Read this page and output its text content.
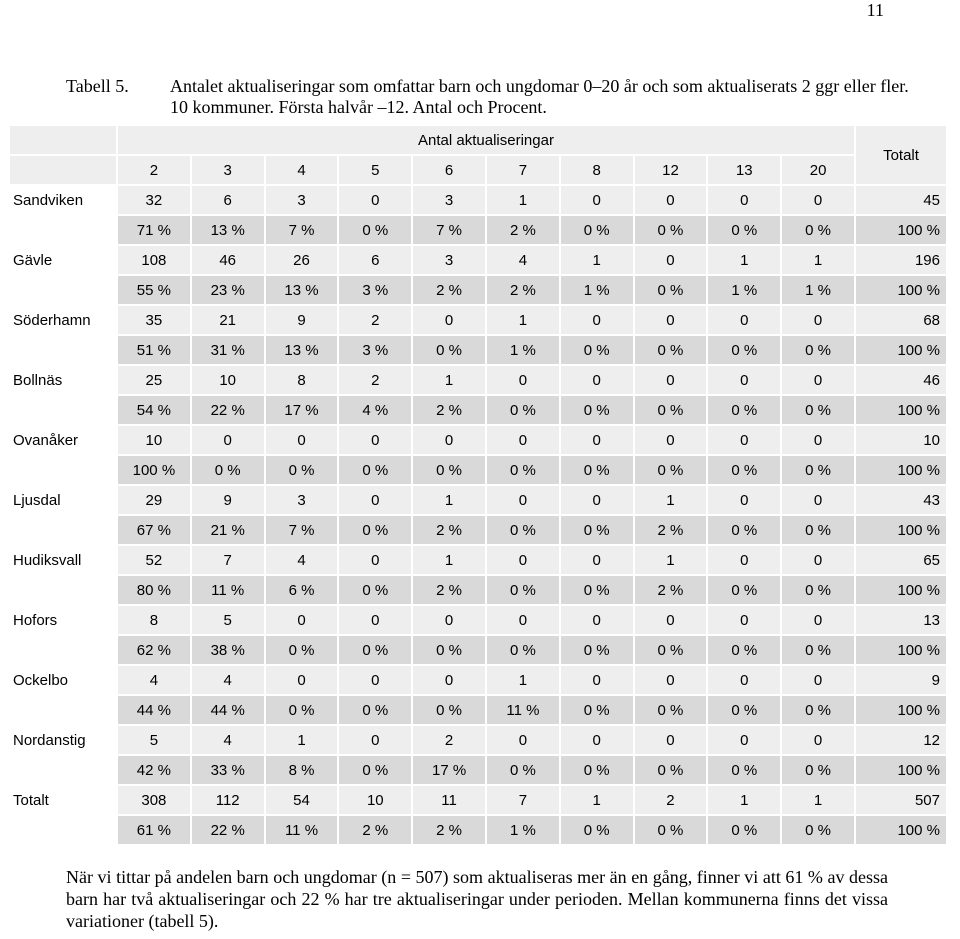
11
Tabell 5. Antalet aktualiseringar som omfattar barn och ungdomar 0–20 år och som aktualiserats 2 ggr eller fler. 10 kommuner. Första halvår –12. Antal och Procent.
	Antal aktualiseringar										Totalt
	2	3	4	5	6	7	8	12	13	20	
Sandviken	32	6	3	0	3	1	0	0	0	0	45
	71 %	13 %	7 %	0 %	7 %	2 %	0 %	0 %	0 %	0 %	100 %
Gävle	108	46	26	6	3	4	1	0	1	1	196
	55 %	23 %	13 %	3 %	2 %	2 %	1 %	0 %	1 %	1 %	100 %
Söderhamn	35	21	9	2	0	1	0	0	0	0	68
	51 %	31 %	13 %	3 %	0 %	1 %	0 %	0 %	0 %	0 %	100 %
Bollnäs	25	10	8	2	1	0	0	0	0	0	46
	54 %	22 %	17 %	4 %	2 %	0 %	0 %	0 %	0 %	0 %	100 %
Ovanåker	10	0	0	0	0	0	0	0	0	0	10
	100 %	0 %	0 %	0 %	0 %	0 %	0 %	0 %	0 %	0 %	100 %
Ljusdal	29	9	3	0	1	0	0	1	0	0	43
	67 %	21 %	7 %	0 %	2 %	0 %	0 %	2 %	0 %	0 %	100 %
Hudiksvall	52	7	4	0	1	0	0	1	0	0	65
	80 %	11 %	6 %	0 %	2 %	0 %	0 %	2 %	0 %	0 %	100 %
Hofors	8	5	0	0	0	0	0	0	0	0	13
	62 %	38 %	0 %	0 %	0 %	0 %	0 %	0 %	0 %	0 %	100 %
Ockelbo	4	4	0	0	0	1	0	0	0	0	9
	44 %	44 %	0 %	0 %	0 %	11 %	0 %	0 %	0 %	0 %	100 %
Nordanstig	5	4	1	0	2	0	0	0	0	0	12
	42 %	33 %	8 %	0 %	17 %	0 %	0 %	0 %	0 %	0 %	100 %
Totalt	308	112	54	10	11	7	1	2	1	1	507
	61 %	22 %	11 %	2 %	2 %	1 %	0 %	0 %	0 %	0 %	100 %
När vi tittar på andelen barn och ungdomar (n = 507) som aktualiseras mer än en gång, finner vi att 61 % av dessa barn har två aktualiseringar och 22 % har tre aktualiseringar under perioden. Mellan kommunerna finns det vissa variationer (tabell 5).
